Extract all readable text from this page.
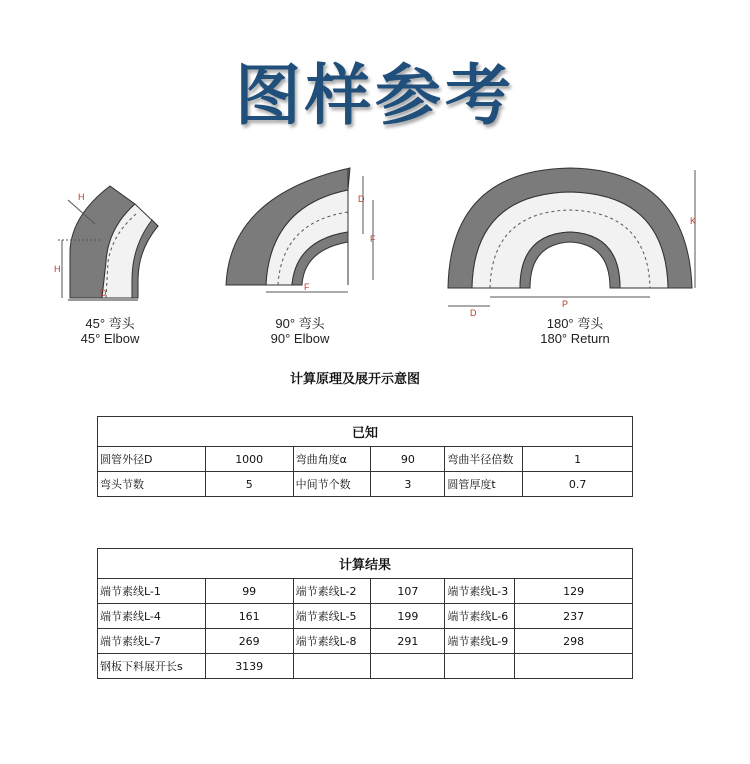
图样参考
H
H
D
45° 弯头
45° Elbow
D
F
F
90° 弯头
90° Elbow
K
D
P
180° 弯头
180° Return
计算原理及展开示意图
已知					
圆管外径D	1000	弯曲角度α	90	弯曲半径倍数	1
弯头节数	5	中间节个数	3	圆管厚度t	0.7
计算结果					
端节素线L-1	99	端节素线L-2	107	端节素线L-3	129
端节素线L-4	161	端节素线L-5	199	端节素线L-6	237
端节素线L-7	269	端节素线L-8	291	端节素线L-9	298
钢板下料展开长s	3139				
